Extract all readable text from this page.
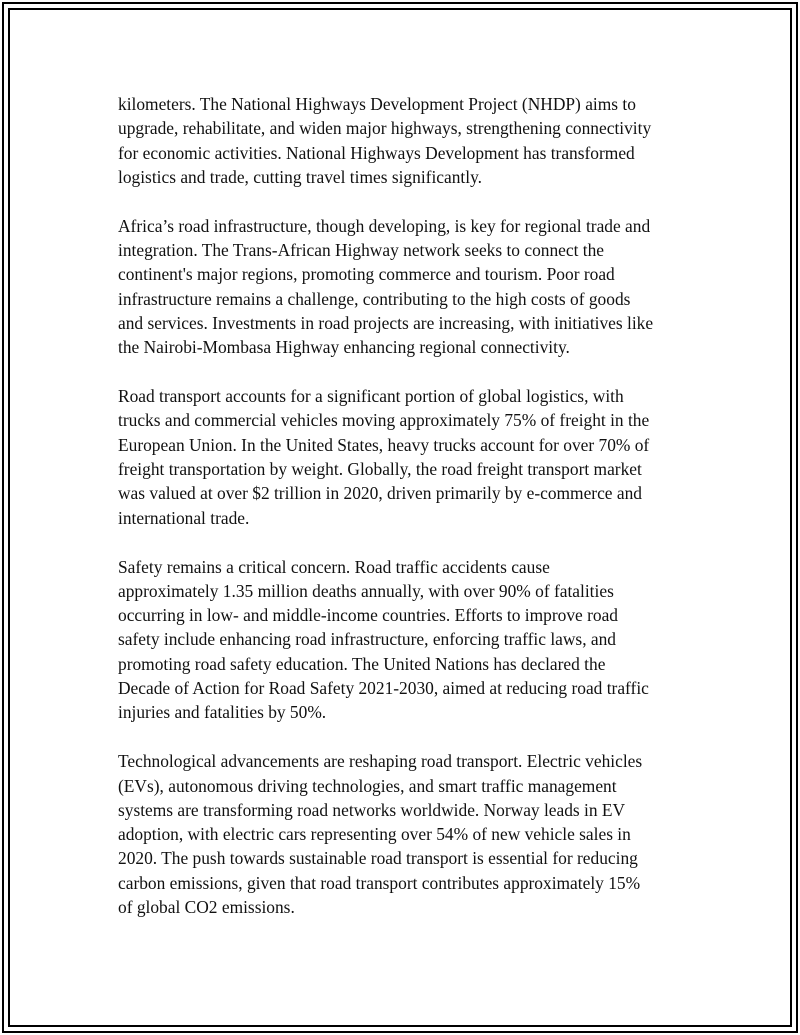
kilometers. The National Highways Development Project (NHDP) aims to
upgrade, rehabilitate, and widen major highways, strengthening connectivity
for economic activities. National Highways Development has transformed
logistics and trade, cutting travel times significantly.

Africa’s road infrastructure, though developing, is key for regional trade and
integration. The Trans-African Highway network seeks to connect the
continent's major regions, promoting commerce and tourism. Poor road
infrastructure remains a challenge, contributing to the high costs of goods
and services. Investments in road projects are increasing, with initiatives like
the Nairobi-Mombasa Highway enhancing regional connectivity.

Road transport accounts for a significant portion of global logistics, with
trucks and commercial vehicles moving approximately 75% of freight in the
European Union. In the United States, heavy trucks account for over 70% of
freight transportation by weight. Globally, the road freight transport market
was valued at over $2 trillion in 2020, driven primarily by e-commerce and
international trade.

Safety remains a critical concern. Road traffic accidents cause
approximately 1.35 million deaths annually, with over 90% of fatalities
occurring in low- and middle-income countries. Efforts to improve road
safety include enhancing road infrastructure, enforcing traffic laws, and
promoting road safety education. The United Nations has declared the
Decade of Action for Road Safety 2021-2030, aimed at reducing road traffic
injuries and fatalities by 50%.

Technological advancements are reshaping road transport. Electric vehicles
(EVs), autonomous driving technologies, and smart traffic management
systems are transforming road networks worldwide. Norway leads in EV
adoption, with electric cars representing over 54% of new vehicle sales in
2020. The push towards sustainable road transport is essential for reducing
carbon emissions, given that road transport contributes approximately 15%
of global CO2 emissions.
